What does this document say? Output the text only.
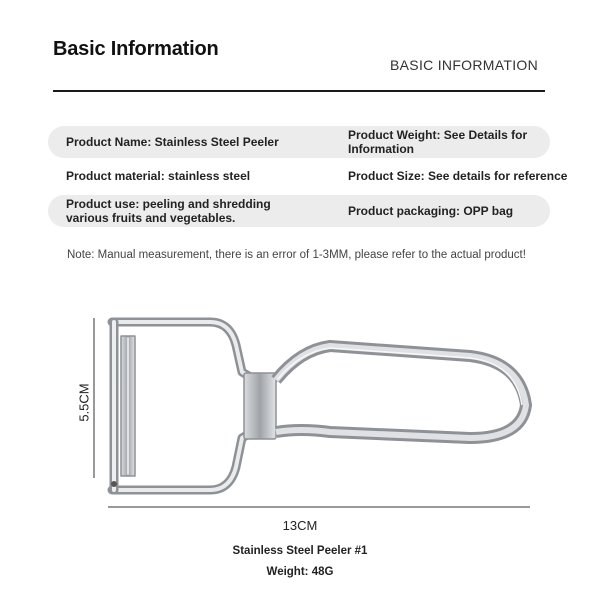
Basic Information
BASIC INFORMATION
Product Name: Stainless Steel Peeler
Product Weight: See Details for Information
Product material: stainless steel	Product Size: See details for reference
Product use: peeling and shredding various fruits and vegetables.
Product packaging: OPP bag
Note: Manual measurement, there is an error of 1-3MM, please refer to the actual product!
5.5CM
13CM
Stainless Steel Peeler #1
Weight: 48G
